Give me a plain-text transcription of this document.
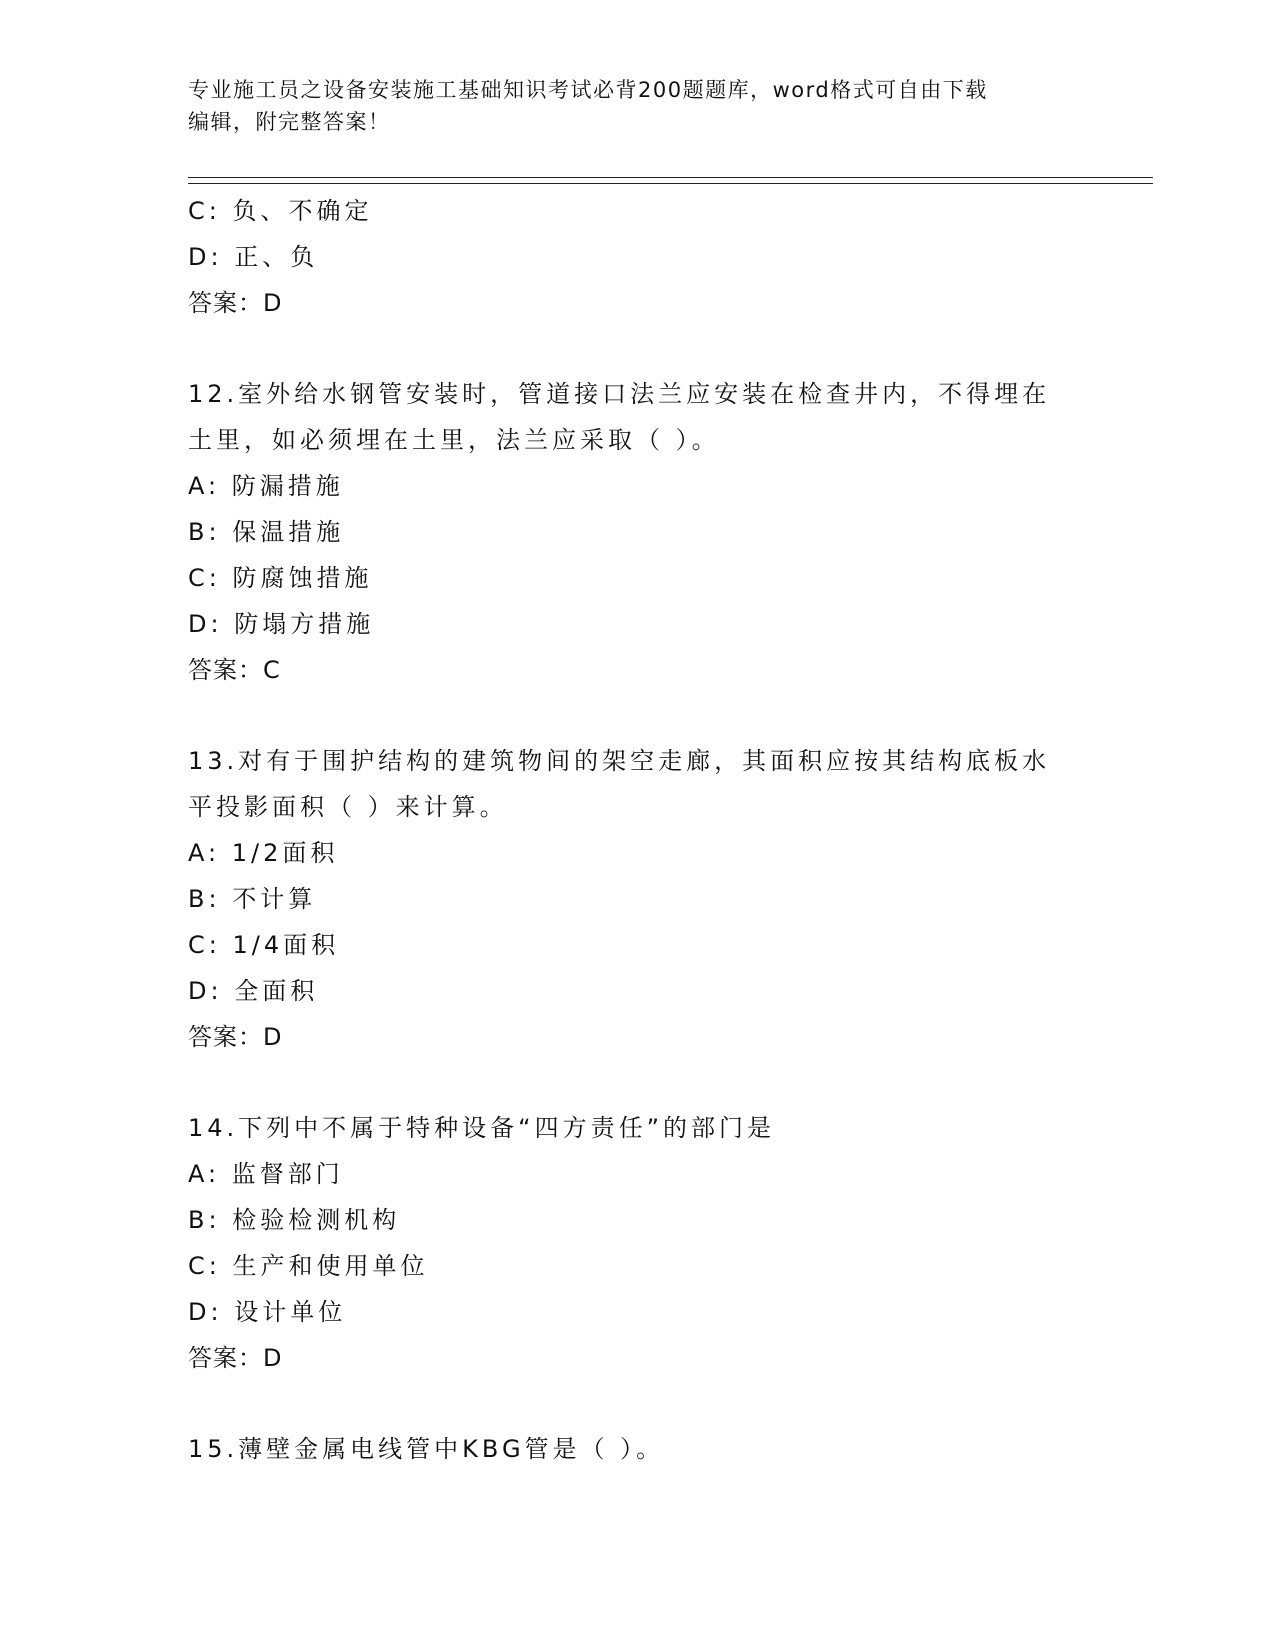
专业施工员之设备安装施工基础知识考试必背200题题库，word格式可自由下载
编辑，附完整答案！
C: 负、不确定
D: 正、负
答案：D
12.室外给水钢管安装时，管道接口法兰应安装在检查井内，不得埋在
土里，如必须埋在土里，法兰应采取（ ）。
A: 防漏措施
B: 保温措施
C: 防腐蚀措施
D: 防塌方措施
答案：C
13.对有于围护结构的建筑物间的架空走廊，其面积应按其结构底板水
平投影面积（ ）来计算。
A: 1/2面积
B: 不计算
C: 1/4面积
D: 全面积
答案：D
14.下列中不属于特种设备“四方责任”的部门是
A: 监督部门
B: 检验检测机构
C: 生产和使用单位
D: 设计单位
答案：D
15.薄壁金属电线管中KBG管是（ ）。
